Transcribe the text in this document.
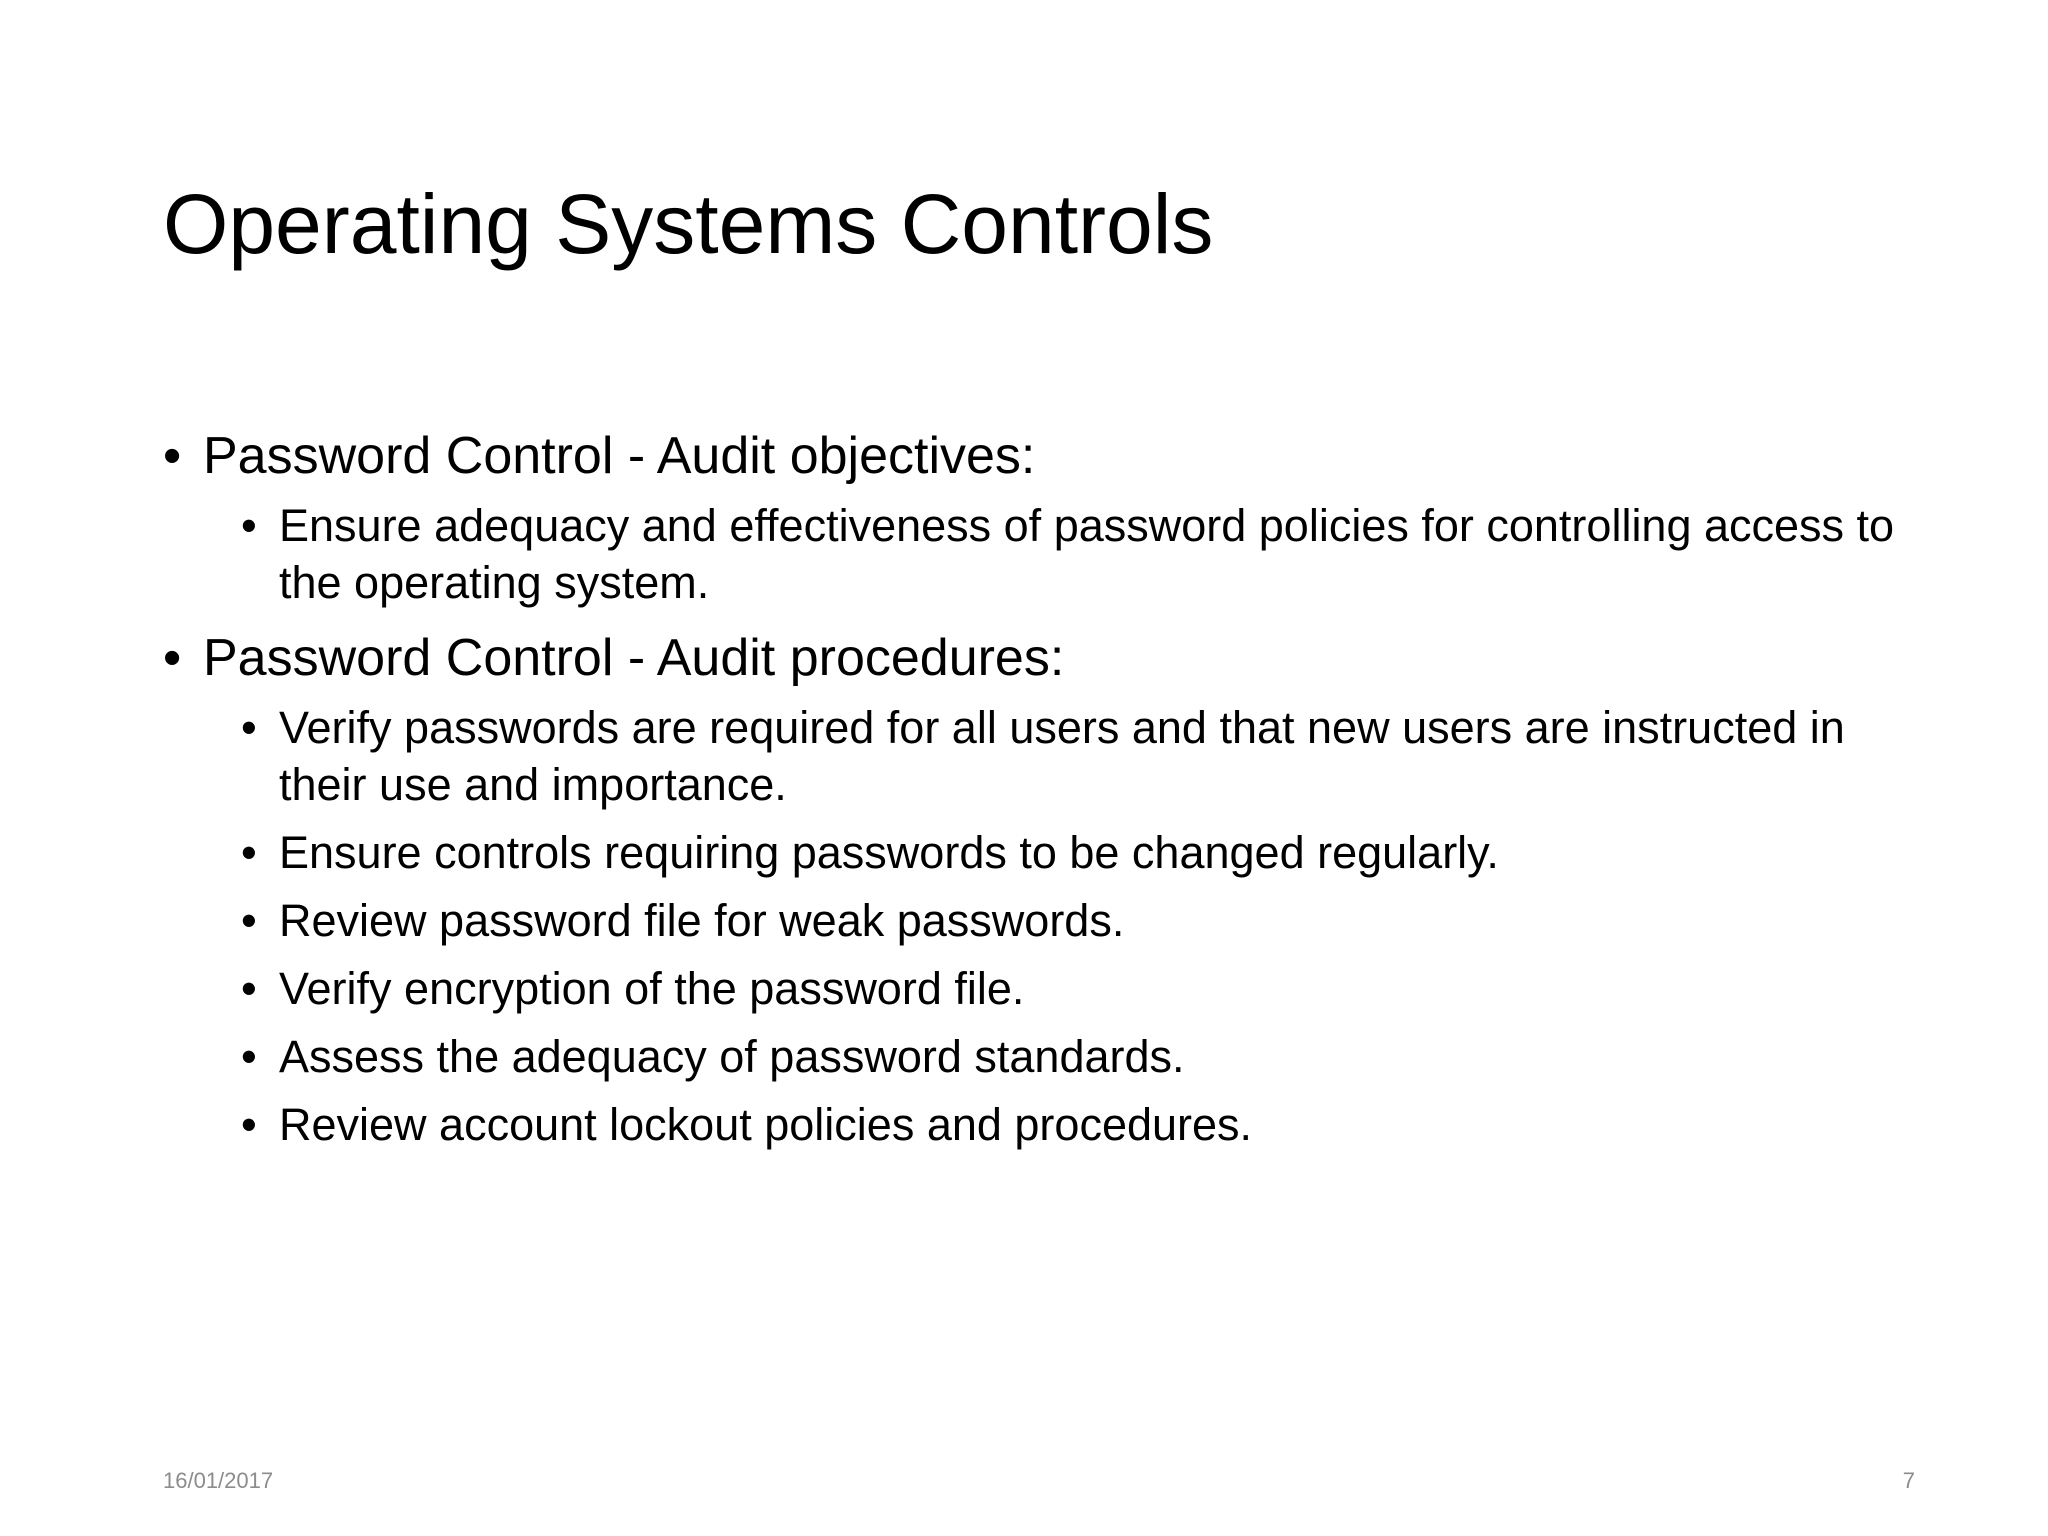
Operating Systems Controls
• Password Control - Audit objectives:
• Ensure adequacy and effectiveness of password policies for controlling access to the operating system.
• Password Control - Audit procedures:
• Verify passwords are required for all users and that new users are instructed in their use and importance.
• Ensure controls requiring passwords to be changed regularly.
• Review password file for weak passwords.
• Verify encryption of the password file.
• Assess the adequacy of password standards.
• Review account lockout policies and procedures.
16/01/2017	7
